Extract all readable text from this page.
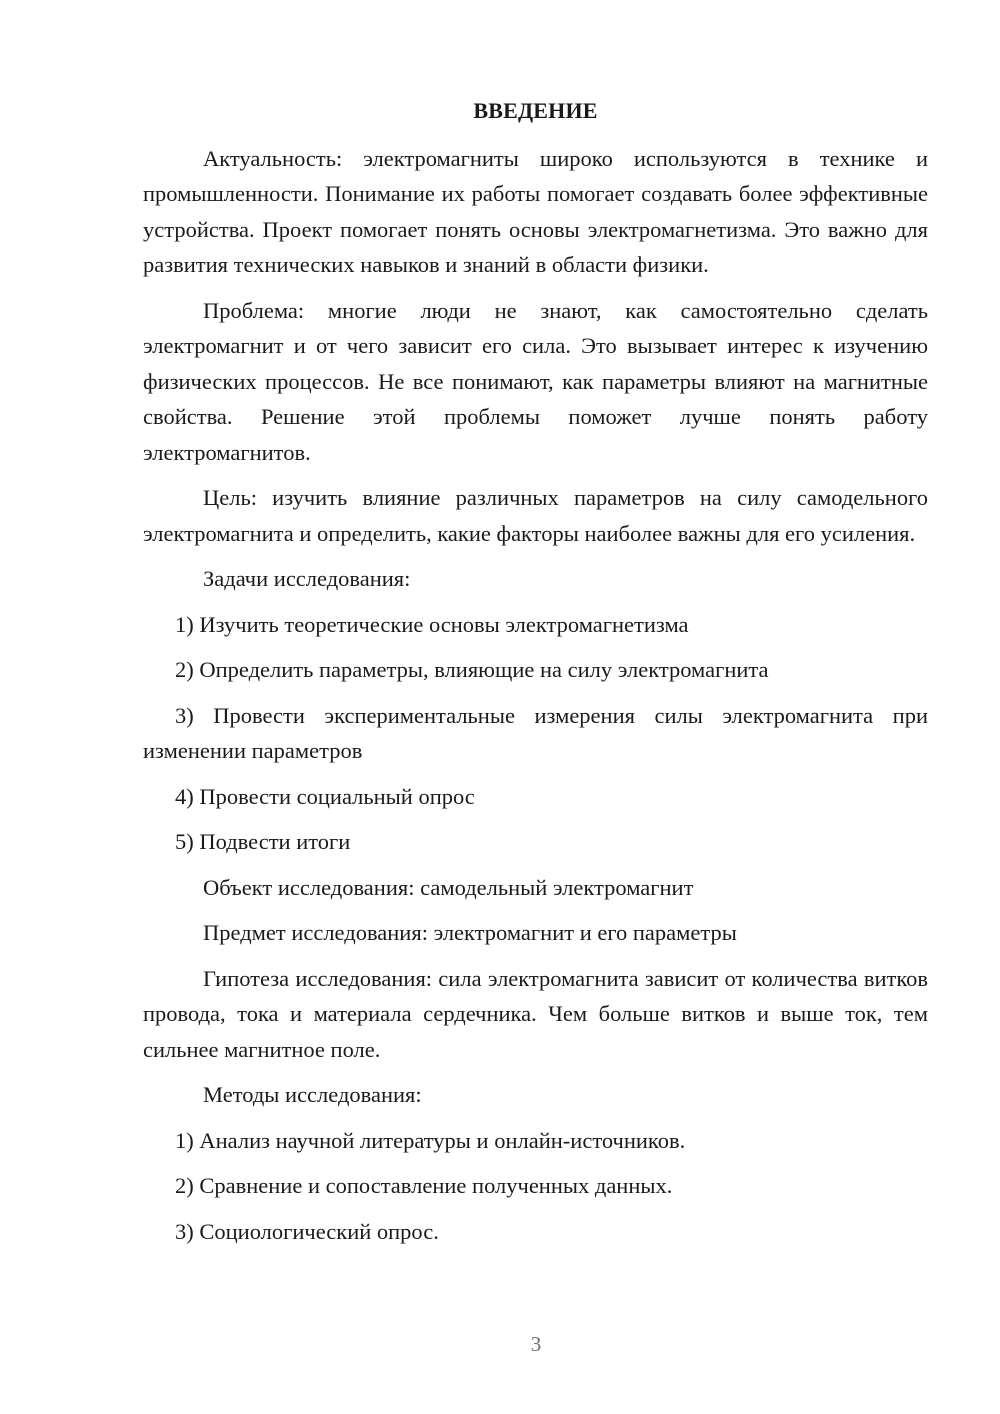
ВВЕДЕНИЕ

Актуальность: электромагниты широко используются в технике и промышленности. Понимание их работы помогает создавать более эффективные устройства. Проект помогает понять основы электромагнетизма. Это важно для развития технических навыков и знаний в области физики.

Проблема: многие люди не знают, как самостоятельно сделать электромагнит и от чего зависит его сила. Это вызывает интерес к изучению физических процессов. Не все понимают, как параметры влияют на магнитные свойства. Решение этой проблемы поможет лучше понять работу электромагнитов.

Цель: изучить влияние различных параметров на силу самодельного электромагнита и определить, какие факторы наиболее важны для его усиления.

Задачи исследования:

1) Изучить теоретические основы электромагнетизма

2) Определить параметры, влияющие на силу электромагнита

3) Провести экспериментальные измерения силы электромагнита при изменении параметров

4) Провести социальный опрос

5) Подвести итоги

Объект исследования: самодельный электромагнит

Предмет исследования: электромагнит и его параметры

Гипотеза исследования: сила электромагнита зависит от количества витков провода, тока и материала сердечника. Чем больше витков и выше ток, тем сильнее магнитное поле.

Методы исследования:

1) Анализ научной литературы и онлайн-источников.

2) Сравнение и сопоставление полученных данных.

3) Социологический опрос.

3
